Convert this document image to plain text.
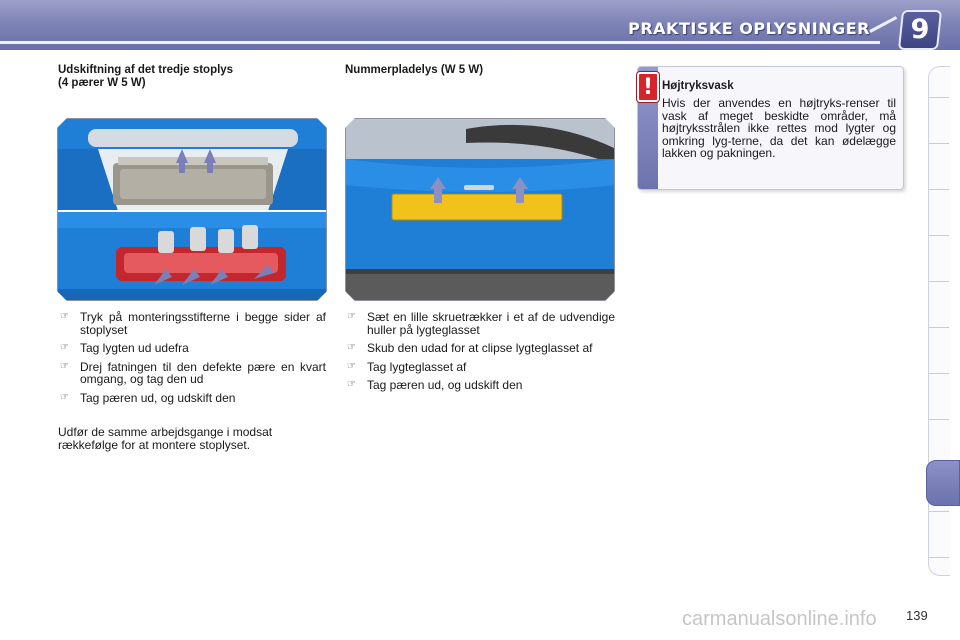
PRAKTISKE OPLYSNINGER	9
Udskiftning af det tredje stoplys
(4 pærer W 5 W)
☞ Tryk på monteringsstifterne i begge sider af stoplyset
☞ Tag lygten ud udefra
☞ Drej fatningen til den defekte pære en kvart omgang, og tag den ud
☞ Tag pæren ud, og udskift den
Udfør de samme arbejdsgange i modsat rækkefølge for at montere stoplyset.
Nummerpladelys (W 5 W)
☞ Sæt en lille skruetrækker i et af de udvendige huller på lygteglasset
☞ Skub den udad for at clipse lygteglasset af
☞ Tag lygteglasset af
☞ Tag pæren ud, og udskift den
! Højtryksvask
Hvis der anvendes en højtryks-renser til vask af meget beskidte områder, må højtryksstrålen ikke rettes mod lygter og omkring lyg-terne, da det kan ødelægge lakken og pakningen.
carmanualsonline.info 139
